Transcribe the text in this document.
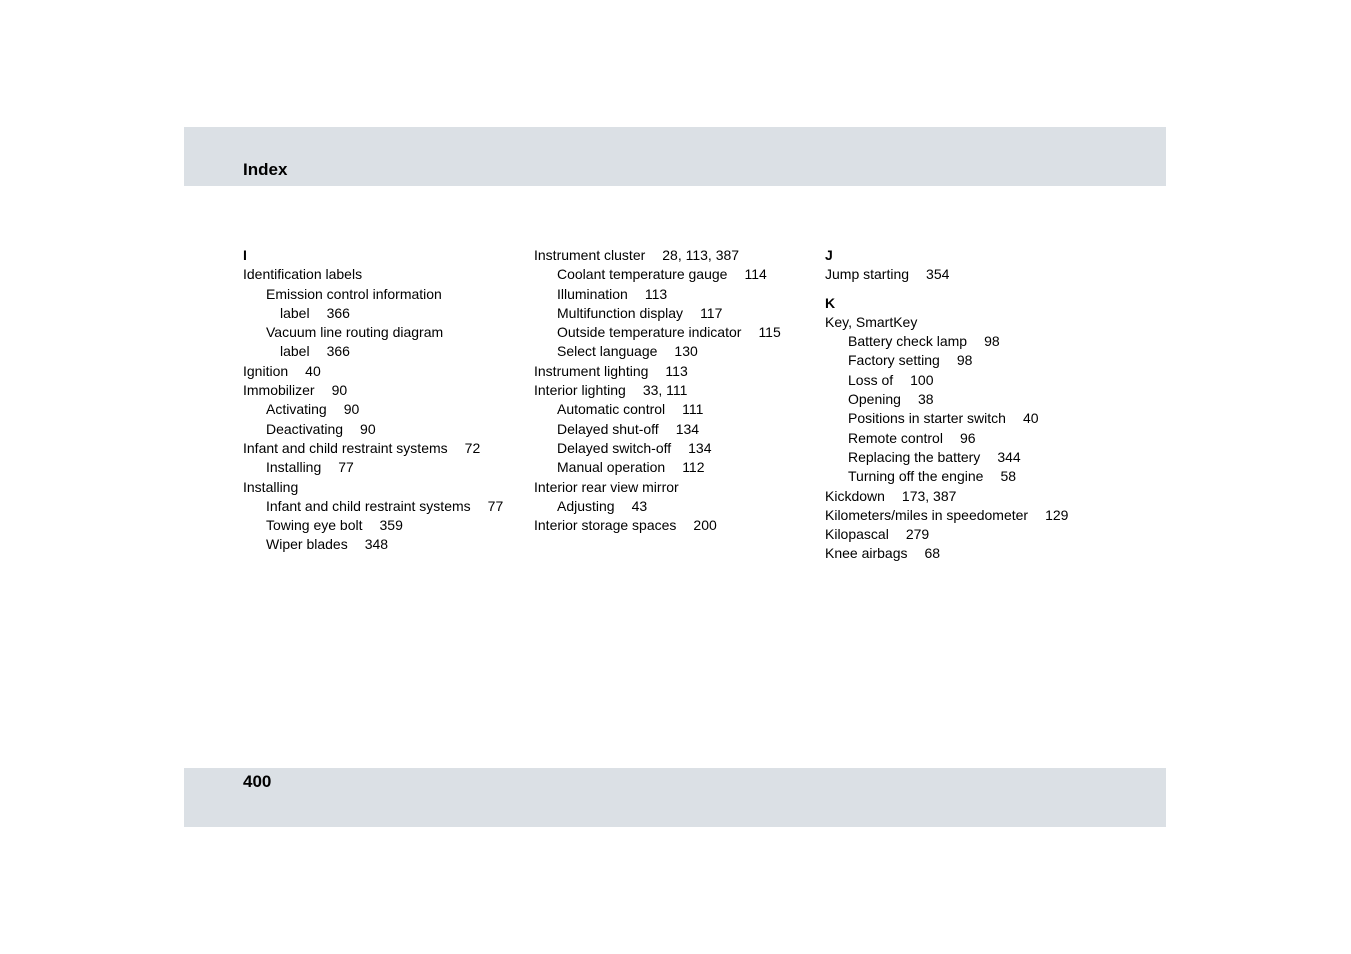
Index
I
Identification labels
Emission control information
label 366
Vacuum line routing diagram
label 366
Ignition 40
Immobilizer 90
Activating 90
Deactivating 90
Infant and child restraint systems 72
Installing 77
Installing
Infant and child restraint systems 77
Towing eye bolt 359
Wiper blades 348
Instrument cluster 28, 113, 387
Coolant temperature gauge 114
Illumination 113
Multifunction display 117
Outside temperature indicator 115
Select language 130
Instrument lighting 113
Interior lighting 33, 111
Automatic control 111
Delayed shut-off 134
Delayed switch-off 134
Manual operation 112
Interior rear view mirror
Adjusting 43
Interior storage spaces 200
J
Jump starting 354
K
Key, SmartKey
Battery check lamp 98
Factory setting 98
Loss of 100
Opening 38
Positions in starter switch 40
Remote control 96
Replacing the battery 344
Turning off the engine 58
Kickdown 173, 387
Kilometers/miles in speedometer 129
Kilopascal 279
Knee airbags 68
400
